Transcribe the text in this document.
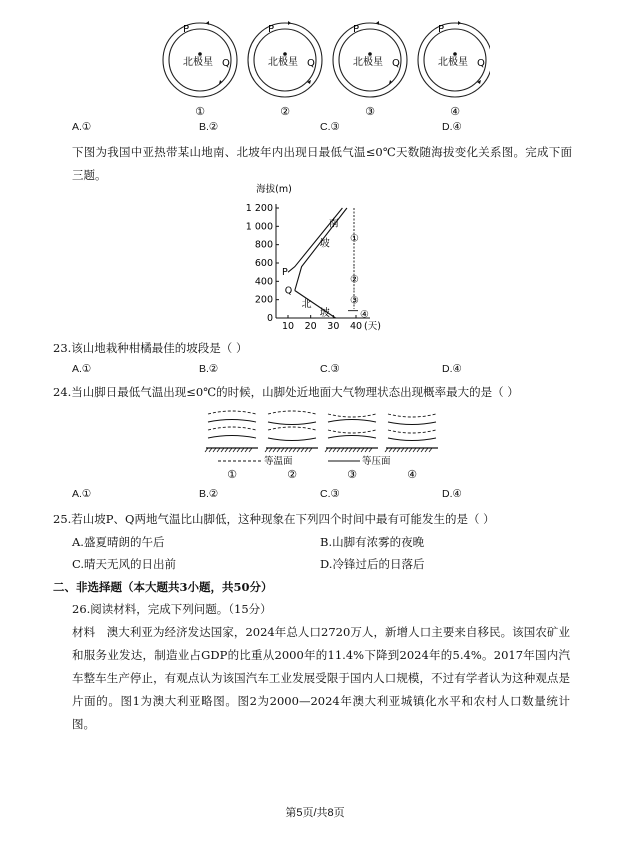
北极星
P
Q
①
北极星
P
Q
②
北极星
P
Q
③
北极星
P
Q
④
A.①	B.②	C.③	D.④
下图为我国中亚热带某山地南、北坡年内出现日最低气温≤0℃天数随海拔变化关系图。完成下面三题。
海拔(m)
0
200
400
600
800
1 000
1 200
10 20 30 40 (天)
P
Q
南
坡
北
坡
①
②
③
④
23.该山地栽种柑橘最佳的坡段是（ ）
A.①	B.②	C.③	D.④
24.当山脚日最低气温出现≤0℃的时候，山脚处近地面大气物理状态出现概率最大的是（ ）
等温面	等压面
①	②	③	④
A.①	B.②	C.③	D.④
25.若山坡P、Q两地气温比山脚低，这种现象在下列四个时间中最有可能发生的是（ ）
A.盛夏晴朗的午后	B.山脚有浓雾的夜晚
C.晴天无风的日出前	D.冷锋过后的日落后
二、非选择题（本大题共3小题，共50分）
26.阅读材料，完成下列问题。（15分）
材料　澳大利亚为经济发达国家，2024年总人口2720万人，新增人口主要来自移民。该国农矿业和服务业发达，制造业占GDP的比重从2000年的11.4%下降到2024年的5.4%。2017年国内汽车整车生产停止，有观点认为该国汽车工业发展受限于国内人口规模，不过有学者认为这种观点是片面的。图1为澳大利亚略图。图2为2000—2024年澳大利亚城镇化水平和农村人口数量统计图。
第5页/共8页
